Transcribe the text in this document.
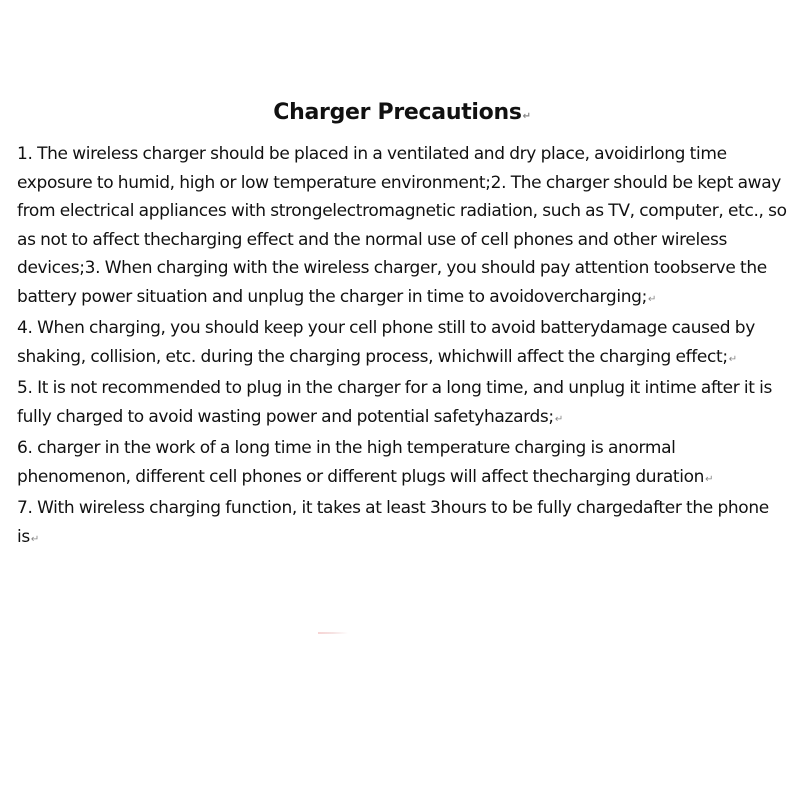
Charger Precautions↵

1. The wireless charger should be placed in a ventilated and dry place, avoidirlong time exposure to humid, high or low temperature environment;2. The charger should be kept away from electrical appliances with strongelectromagnetic radiation, such as TV, computer, etc., so as not to affect thecharging effect and the normal use of cell phones and other wireless devices;3. When charging with the wireless charger, you should pay attention toobserve the battery power situation and unplug the charger in time to avoidovercharging;↵

4. When charging, you should keep your cell phone still to avoid batterydamage caused by shaking, collision, etc. during the charging process, whichwill affect the charging effect;↵

5. It is not recommended to plug in the charger for a long time, and unplug it intime after it is fully charged to avoid wasting power and potential safetyhazards;↵

6. charger in the work of a long time in the high temperature charging is anormal phenomenon, different cell phones or different plugs will affect thecharging duration↵

7. With wireless charging function, it takes at least 3hours to be fully chargedafter the phone is↵
